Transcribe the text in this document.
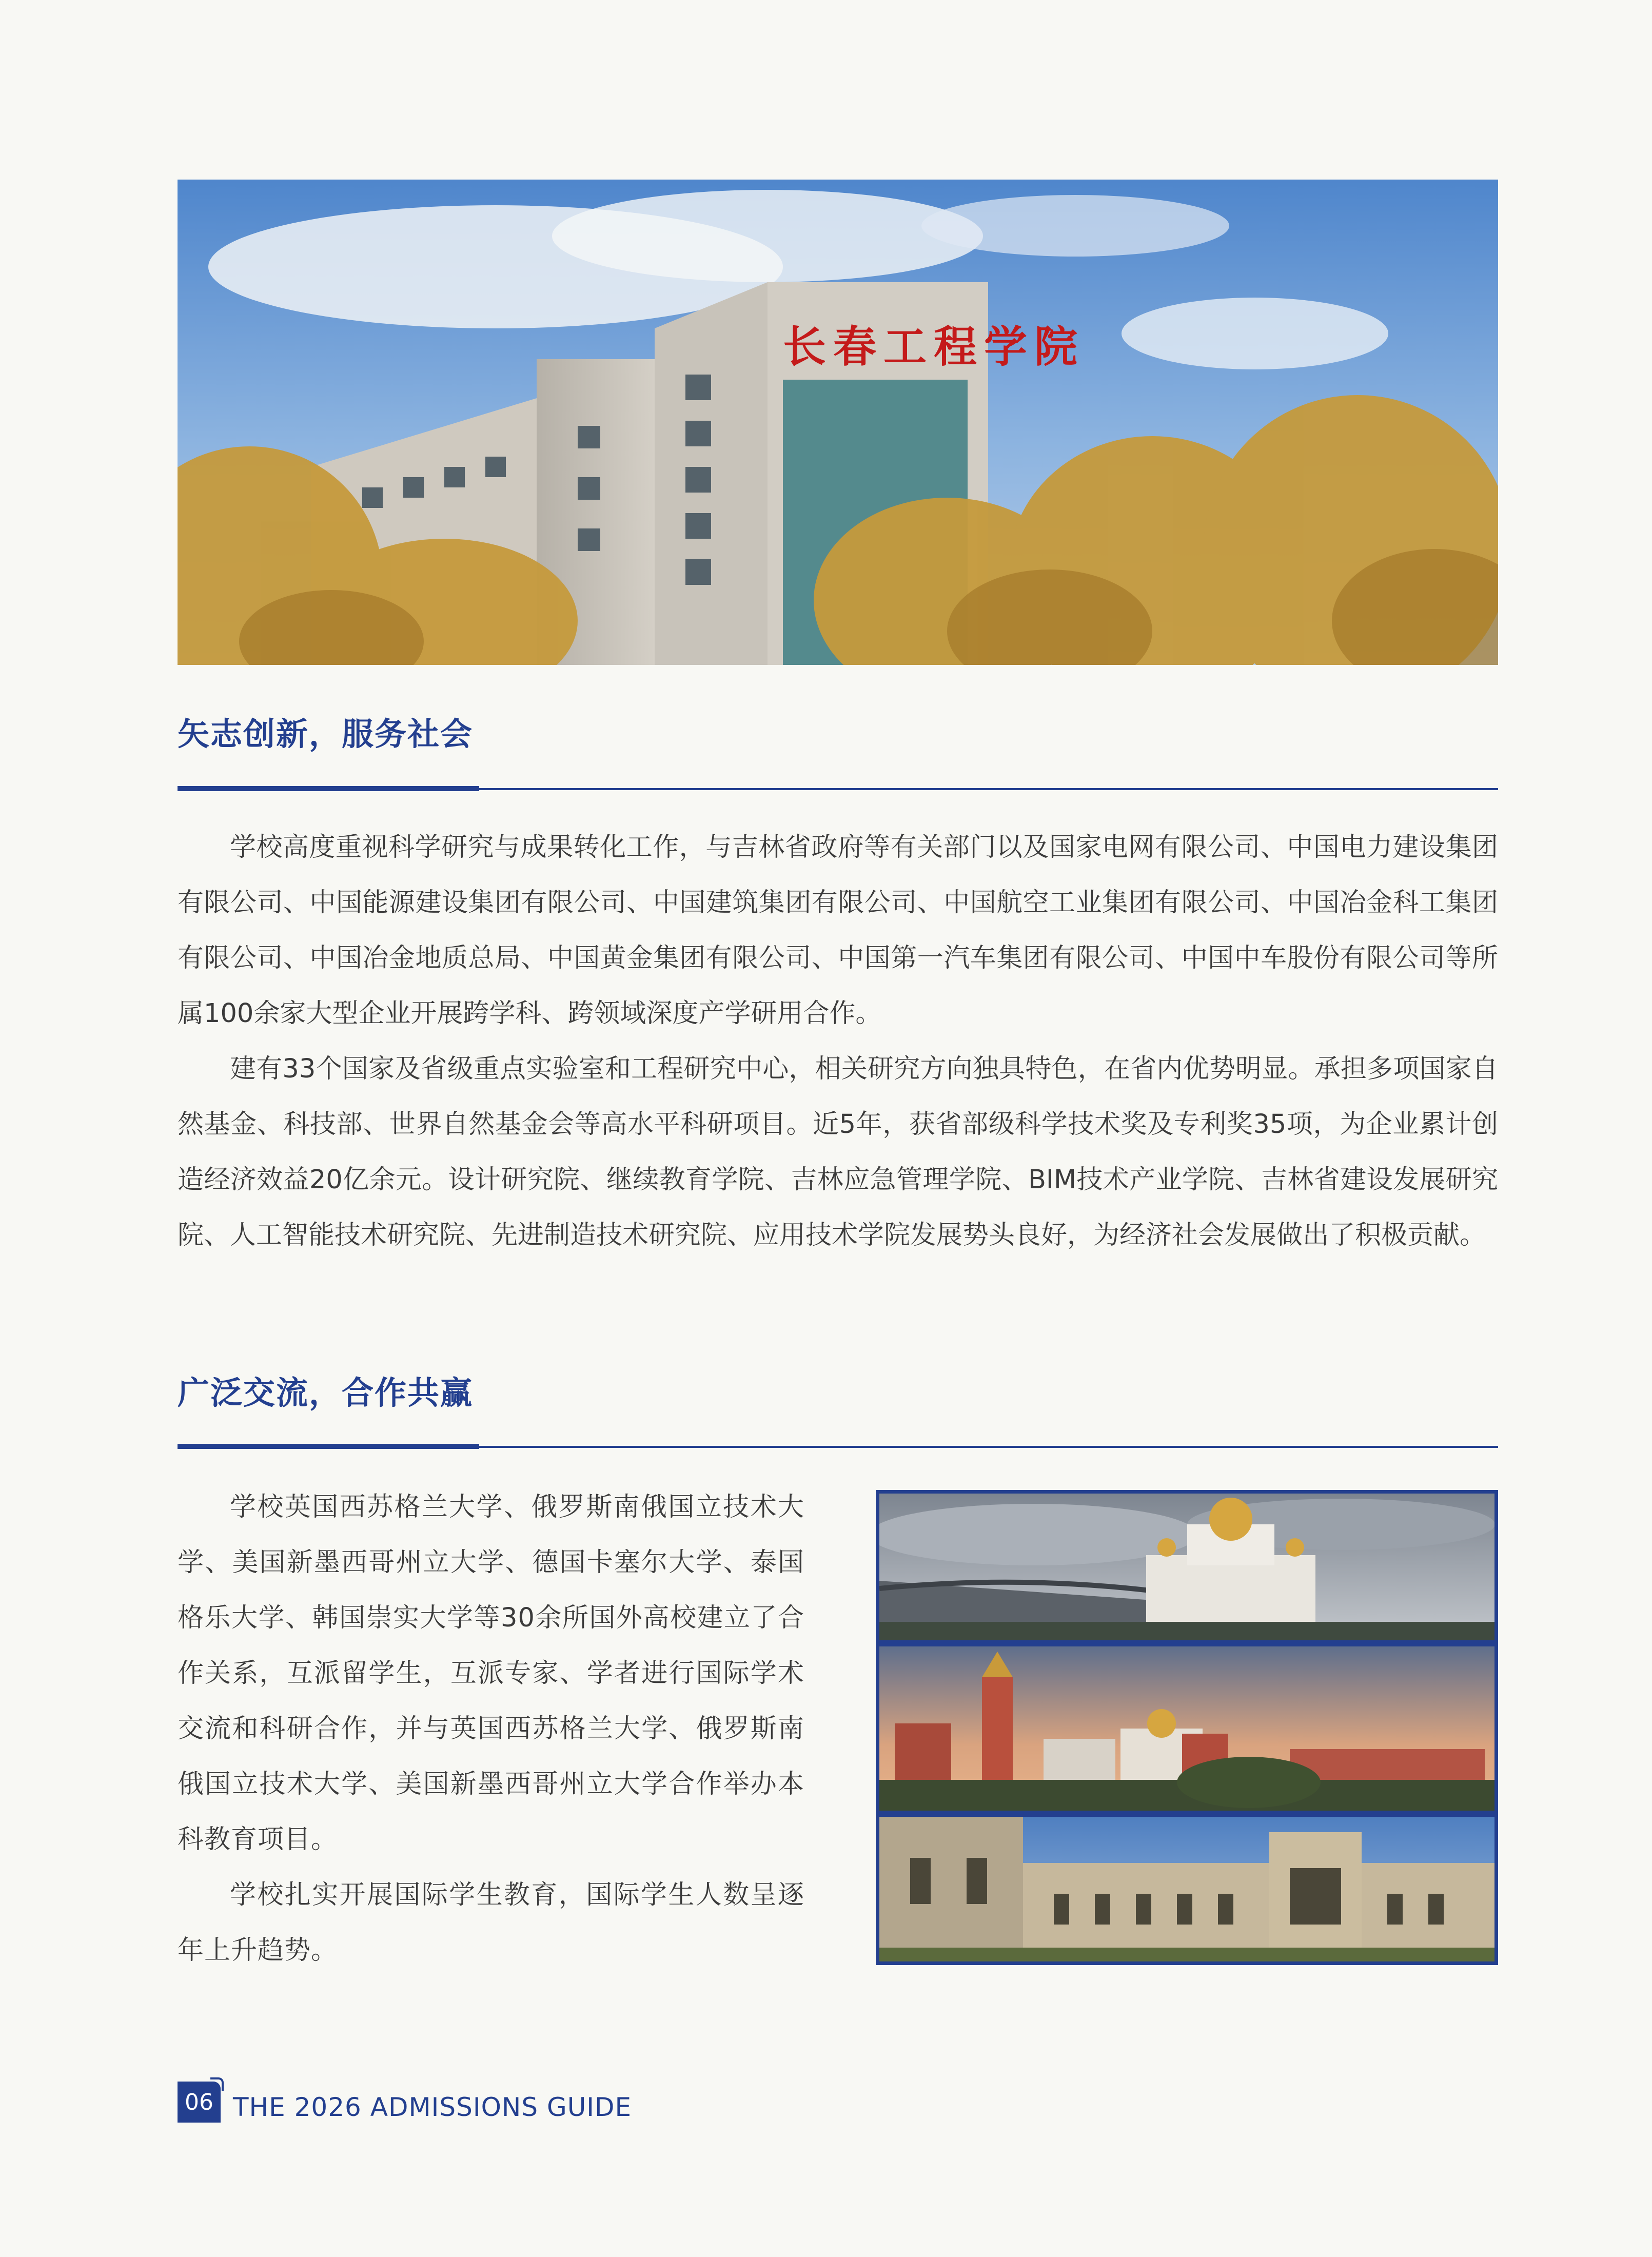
长春工程学院
矢志创新，服务社会

学校高度重视科学研究与成果转化工作，与吉林省政府等有关部门以及国家电网有限公司、中国电力建设集团有限公司、中国能源建设集团有限公司、中国建筑集团有限公司、中国航空工业集团有限公司、中国冶金科工集团有限公司、中国冶金地质总局、中国黄金集团有限公司、中国第一汽车集团有限公司、中国中车股份有限公司等所属100余家大型企业开展跨学科、跨领域深度产学研用合作。

建有33个国家及省级重点实验室和工程研究中心，相关研究方向独具特色，在省内优势明显。承担多项国家自然基金、科技部、世界自然基金会等高水平科研项目。近5年，获省部级科学技术奖及专利奖35项，为企业累计创造经济效益20亿余元。设计研究院、继续教育学院、吉林应急管理学院、BIM技术产业学院、吉林省建设发展研究院、人工智能技术研究院、先进制造技术研究院、应用技术学院发展势头良好，为经济社会发展做出了积极贡献。

广泛交流，合作共赢

学校英国西苏格兰大学、俄罗斯南俄国立技术大学、美国新墨西哥州立大学、德国卡塞尔大学、泰国格乐大学、韩国崇实大学等30余所国外高校建立了合作关系，互派留学生，互派专家、学者进行国际学术交流和科研合作，并与英国西苏格兰大学、俄罗斯南俄国立技术大学、美国新墨西哥州立大学合作举办本科教育项目。

学校扎实开展国际学生教育，国际学生人数呈逐年上升趋势。

06 THE 2026 ADMISSIONS GUIDE
